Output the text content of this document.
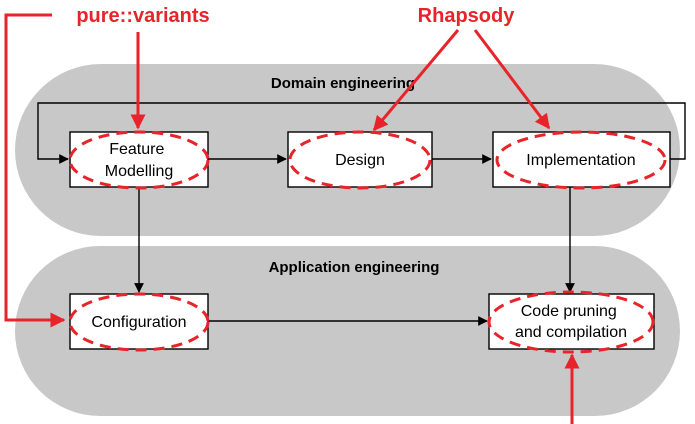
Domain engineering
Application engineering
Feature Modelling
Design	Implementation
Configuration
Code pruning and compilation
pure::variants	Rhapsody
